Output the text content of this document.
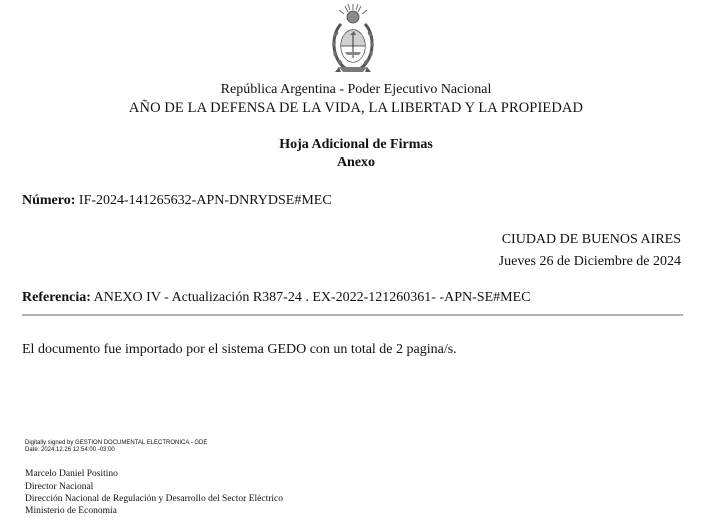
República Argentina - Poder Ejecutivo Nacional
AÑO DE LA DEFENSA DE LA VIDA, LA LIBERTAD Y LA PROPIEDAD
Hoja Adicional de Firmas
Anexo
Número: IF-2024-141265632-APN-DNRYDSE#MEC
CIUDAD DE BUENOS AIRES
Jueves 26 de Diciembre de 2024
Referencia: ANEXO IV - Actualización R387-24 . EX-2022-121260361- -APN-SE#MEC
El documento fue importado por el sistema GEDO con un total de 2 pagina/s.
Digitally signed by GESTION DOCUMENTAL ELECTRONICA - GDE
Date: 2024.12.26 12:54:00 -03:00
Marcelo Daniel Positino
Director Nacional
Dirección Nacional de Regulación y Desarrollo del Sector Eléctrico
Ministerio de Economía
